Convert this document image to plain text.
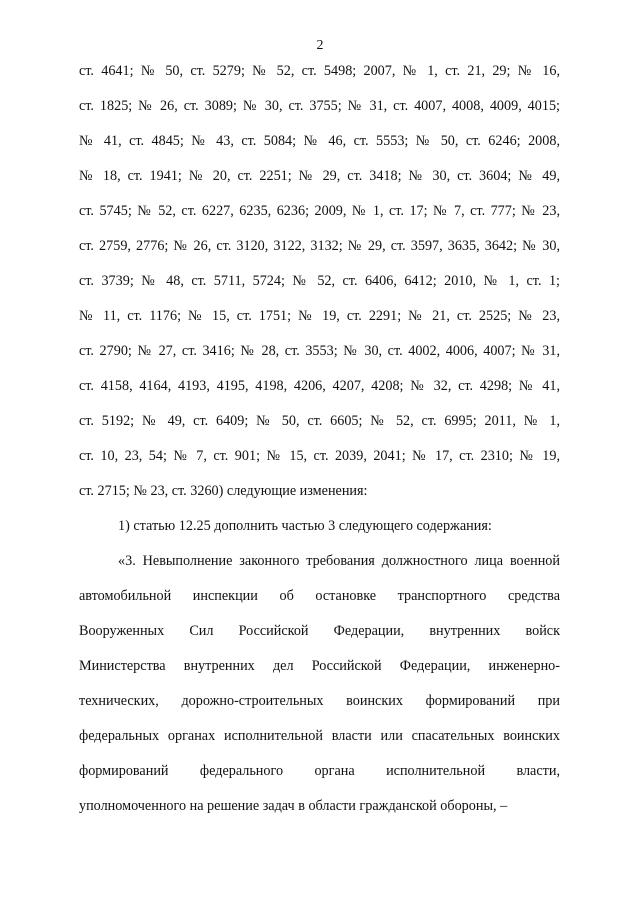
2
ст. 4641; № 50, ст. 5279; № 52, ст. 5498; 2007, № 1, ст. 21, 29; № 16,
ст. 1825; № 26, ст. 3089; № 30, ст. 3755; № 31, ст. 4007, 4008, 4009, 4015;
№ 41, ст. 4845; № 43, ст. 5084; № 46, ст. 5553; № 50, ст. 6246; 2008,
№ 18, ст. 1941; № 20, ст. 2251; № 29, ст. 3418; № 30, ст. 3604; № 49,
ст. 5745; № 52, ст. 6227, 6235, 6236; 2009, № 1, ст. 17; № 7, ст. 777; № 23,
ст. 2759, 2776; № 26, ст. 3120, 3122, 3132; № 29, ст. 3597, 3635, 3642; № 30,
ст. 3739; № 48, ст. 5711, 5724; № 52, ст. 6406, 6412; 2010, № 1, ст. 1;
№ 11, ст. 1176; № 15, ст. 1751; № 19, ст. 2291; № 21, ст. 2525; № 23,
ст. 2790; № 27, ст. 3416; № 28, ст. 3553; № 30, ст. 4002, 4006, 4007; № 31,
ст. 4158, 4164, 4193, 4195, 4198, 4206, 4207, 4208; № 32, ст. 4298; № 41,
ст. 5192; № 49, ст. 6409; № 50, ст. 6605; № 52, ст. 6995; 2011, № 1,
ст. 10, 23, 54; № 7, ст. 901; № 15, ст. 2039, 2041; № 17, ст. 2310; № 19,
ст. 2715; № 23, ст. 3260) следующие изменения:
1) статью 12.25 дополнить частью 3 следующего содержания:
«3. Невыполнение законного требования должностного лица военной
автомобильной инспекции об остановке транспортного средства
Вооруженных Сил Российской Федерации, внутренних войск
Министерства внутренних дел Российской Федерации, инженерно-
технических, дорожно-строительных воинских формирований при
федеральных органах исполнительной власти или спасательных воинских
формирований федерального органа исполнительной власти,
уполномоченного на решение задач в области гражданской обороны, –
